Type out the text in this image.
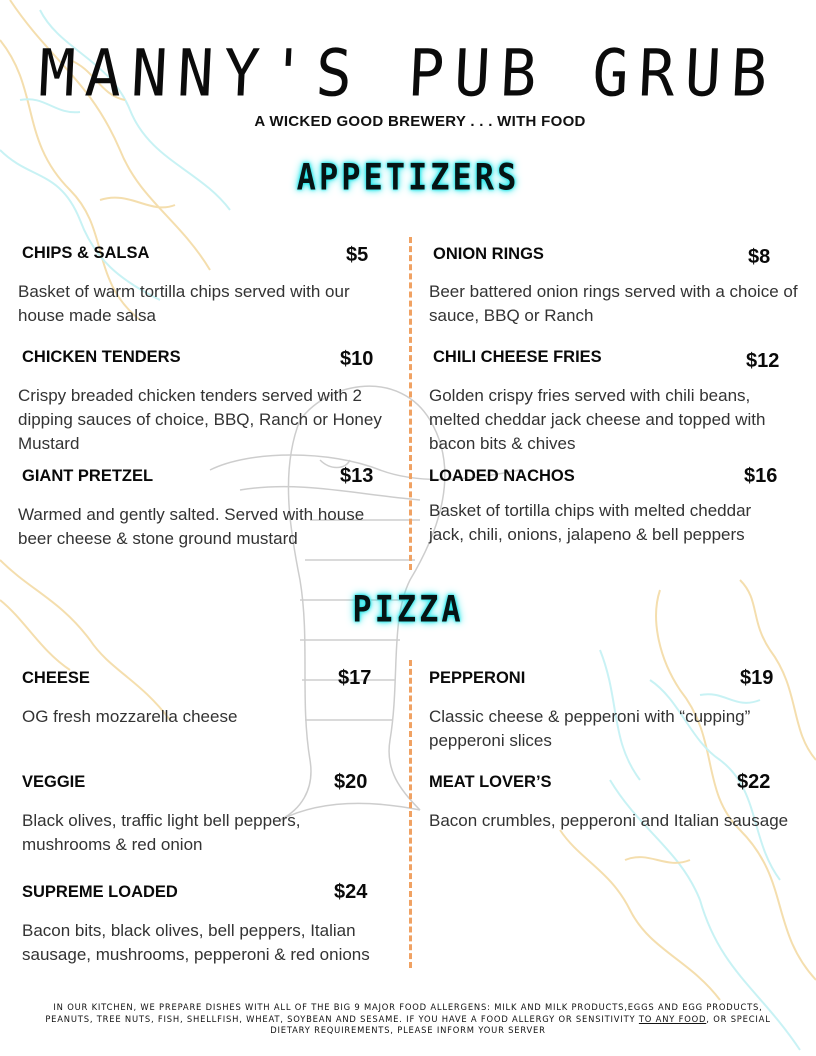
MANNY'S PUB GRUB
A WICKED GOOD BREWERY . . . WITH FOOD
APPETIZERS
CHIPS & SALSA	$5
Basket of warm tortilla chips served with our house made salsa
ONION RINGS	$8
Beer battered onion rings served with a choice of sauce, BBQ or Ranch
CHICKEN TENDERS	$10
Crispy breaded chicken tenders served with 2 dipping sauces of choice, BBQ, Ranch or Honey Mustard
CHILI CHEESE FRIES	$12
Golden crispy fries served with chili beans, melted cheddar jack cheese and topped with bacon bits & chives
GIANT PRETZEL	$13
Warmed and gently salted. Served with house beer cheese & stone ground mustard
LOADED NACHOS	$16
Basket of tortilla chips with melted cheddar jack, chili, onions, jalapeno & bell peppers
PIZZA
CHEESE	$17
OG fresh mozzarella cheese
PEPPERONI	$19
Classic cheese & pepperoni with “cupping” pepperoni slices
VEGGIE	$20
Black olives, traffic light bell peppers, mushrooms & red onion
MEAT LOVER’S	$22
Bacon crumbles, pepperoni and Italian sausage
SUPREME LOADED	$24
Bacon bits, black olives, bell peppers, Italian sausage, mushrooms, pepperoni & red onions
IN OUR KITCHEN, WE PREPARE DISHES WITH ALL OF THE BIG 9 MAJOR FOOD ALLERGENS: MILK AND MILK PRODUCTS,EGGS AND EGG PRODUCTS, PEANUTS, TREE NUTS, FISH, SHELLFISH, WHEAT, SOYBEAN AND SESAME. IF YOU HAVE A FOOD ALLERGY OR SENSITIVITY TO ANY FOOD, OR SPECIAL DIETARY REQUIREMENTS, PLEASE INFORM YOUR SERVER
